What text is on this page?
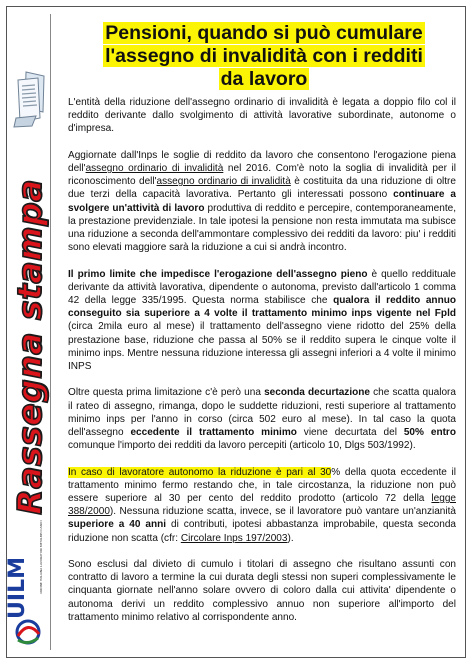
Rassegna stampa
UILM	UNIONE ITALIANA LAVORATORI METALMECCANICI
Pensioni, quando si può cumulare l'assegno di invalidità con i redditi da lavoro

L'entità della riduzione dell'assegno ordinario di invalidità è legata a doppio filo col il reddito derivante dallo svolgimento di attività lavorative subordinate, autonome o d'impresa.

Aggiornate dall'Inps le soglie di reddito da lavoro che consentono l'erogazione piena dell'assegno ordinario di invalidità nel 2016. Com'è noto la soglia di invalidità per il riconoscimento dell'assegno ordinario di invalidità è costituita da una riduzione di oltre due terzi della capacità lavorativa. Pertanto gli interessati possono continuare a svolgere un'attività di lavoro produttiva di reddito e percepire, contemporaneamente, la prestazione previdenziale. In tale ipotesi la pensione non resta immutata ma subisce una riduzione a seconda dell'ammontare complessivo dei redditi da lavoro: piu' i redditi sono elevati maggiore sarà la riduzione a cui si andrà incontro.

Il primo limite che impedisce l'erogazione dell'assegno pieno è quello reddituale derivante da attività lavorativa, dipendente o autonoma, previsto dall'articolo 1 comma 42 della legge 335/1995. Questa norma stabilisce che qualora il reddito annuo conseguito sia superiore a 4 volte il trattamento minimo inps vigente nel Fpld (circa 2mila euro al mese) il trattamento dell'assegno viene ridotto del 25% della prestazione base, riduzione che passa al 50% se il reddito supera le cinque volte il minimo inps. Mentre nessuna riduzione interessa gli assegni inferiori a 4 volte il minimo INPS

Oltre questa prima limitazione c'è però una seconda decurtazione che scatta qualora il rateo di assegno, rimanga, dopo le suddette riduzioni, resti superiore al trattamento minimo inps per l'anno in corso (circa 502 euro al mese). In tal caso la quota dell'assegno eccedente il trattamento minimo viene decurtata del 50% entro comunque l'importo dei redditi da lavoro percepiti (articolo 10, Dlgs 503/1992).

In caso di lavoratore autonomo la riduzione è pari al 30% della quota eccedente il trattamento minimo fermo restando che, in tale circostanza, la riduzione non può essere superiore al 30 per cento del reddito prodotto (articolo 72 della legge 388/2000). Nessuna riduzione scatta, invece, se il lavoratore può vantare un'anzianità superiore a 40 anni di contributi, ipotesi abbastanza improbabile, questa seconda riduzione non scatta (cfr: Circolare Inps 197/2003).

Sono esclusi dal divieto di cumulo i titolari di assegno che risultano assunti con contratto di lavoro a termine la cui durata degli stessi non superi complessivamente le cinquanta giornate nell'anno solare ovvero di coloro dalla cui attivita' dipendente o autonoma derivi un reddito complessivo annuo non superiore all'importo del trattamento minimo relativo al corrispondente anno.
